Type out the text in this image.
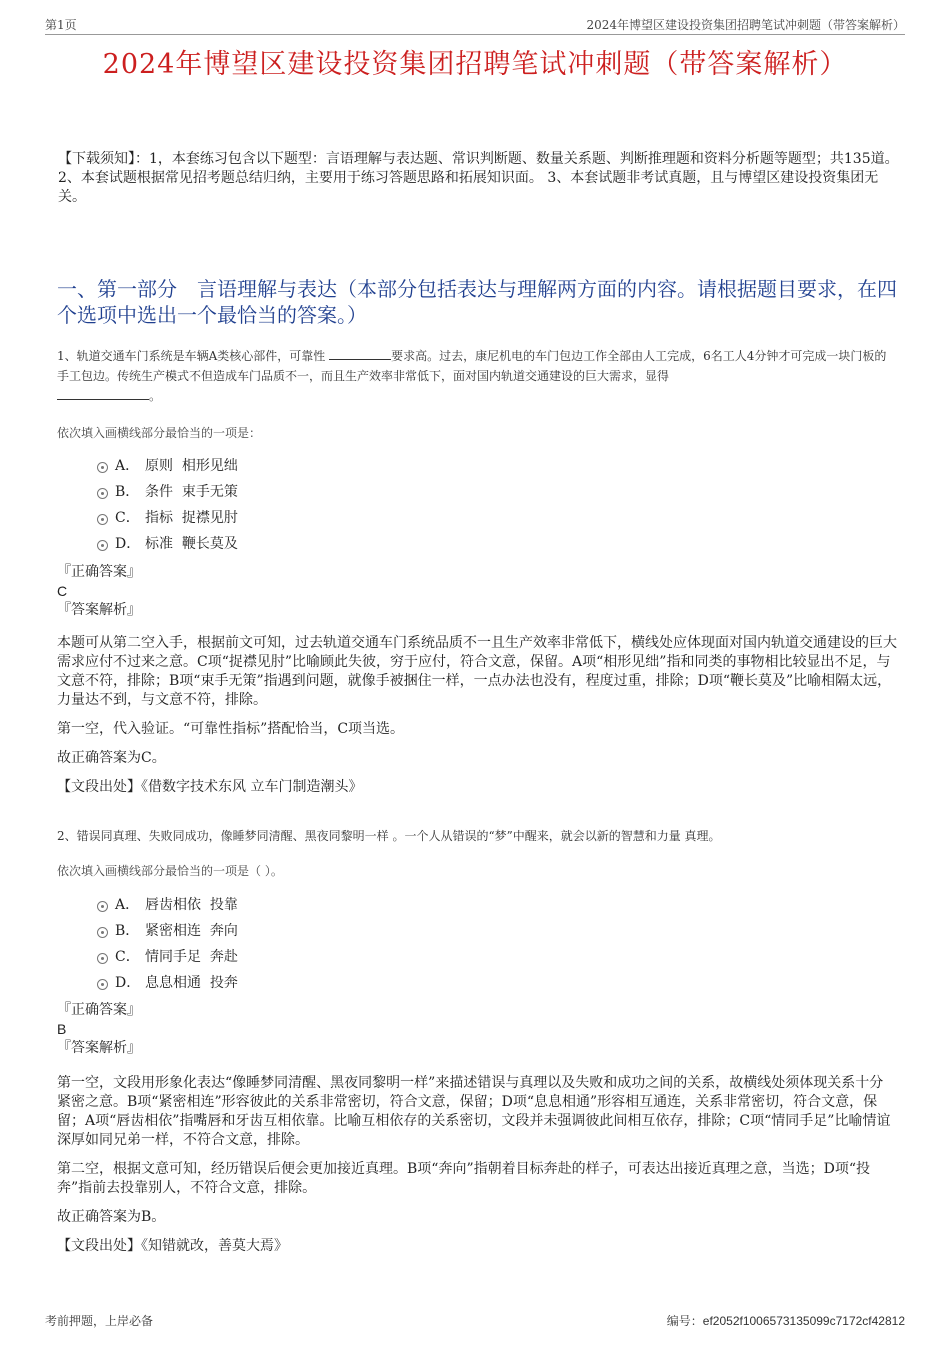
第1页	2024年博望区建设投资集团招聘笔试冲刺题（带答案解析）
2024年博望区建设投资集团招聘笔试冲刺题（带答案解析）
【下载须知】：1，本套练习包含以下题型：言语理解与表达题、常识判断题、数量关系题、判断推理题和资料分析题等题型；共135道。 2、本套试题根据常见招考题总结归纳，主要用于练习答题思路和拓展知识面。 3、本套试题非考试真题，且与博望区建设投资集团无关。
一、第一部分　言语理解与表达（本部分包括表达与理解两方面的内容。请根据题目要求，在四个选项中选出一个最恰当的答案。）
1、轨道交通车门系统是车辆A类核心部件，可靠性	要求高。过去，康尼机电的车门包边工作全部由人工完成，6名工人4分钟才可完成一块门板的手工包边。传统生产模式不但造成车门品质不一，而且生产效率非常低下，面对国内轨道交通建设的巨大需求，显得
。
依次填入画横线部分最恰当的一项是：
A． 原则  相形见绌
B． 条件  束手无策
C． 指标  捉襟见肘
D． 标准  鞭长莫及
『正确答案』
C
『答案解析』

本题可从第二空入手，根据前文可知，过去轨道交通车门系统品质不一且生产效率非常低下，横线处应体现面对国内轨道交通建设的巨大需求应付不过来之意。C项“捉襟见肘”比喻顾此失彼，穷于应付，符合文意，保留。A项“相形见绌”指和同类的事物相比较显出不足，与文意不符，排除；B项“束手无策”指遇到问题，就像手被捆住一样，一点办法也没有，程度过重，排除；D项“鞭长莫及”比喻相隔太远，力量达不到，与文意不符，排除。

第一空，代入验证。“可靠性指标”搭配恰当，C项当选。

故正确答案为C。

【文段出处】《借数字技术东风 立车门制造潮头》

2、错误同真理、失败同成功，像睡梦同清醒、黑夜同黎明一样 。一个人从错误的“梦”中醒来，就会以新的智慧和力量 真理。
依次填入画横线部分最恰当的一项是（ ）。
A． 唇齿相依  投靠
B． 紧密相连  奔向
C． 情同手足  奔赴
D． 息息相通  投奔
『正确答案』
B
『答案解析』

第一空，文段用形象化表达“像睡梦同清醒、黑夜同黎明一样”来描述错误与真理以及失败和成功之间的关系，故横线处须体现关系十分紧密之意。B项“紧密相连”形容彼此的关系非常密切，符合文意，保留；D项“息息相通”形容相互通连，关系非常密切，符合文意，保留；A项“唇齿相依”指嘴唇和牙齿互相依靠。比喻互相依存的关系密切，文段并未强调彼此间相互依存，排除；C项“情同手足”比喻情谊深厚如同兄弟一样，不符合文意，排除。

第二空，根据文意可知，经历错误后便会更加接近真理。B项“奔向”指朝着目标奔赴的样子，可表达出接近真理之意，当选；D项“投奔”指前去投靠别人，不符合文意，排除。

故正确答案为B。

【文段出处】《知错就改，善莫大焉》

考前押题，上岸必备	编号：ef2052f1006573135099c7172cf42812
